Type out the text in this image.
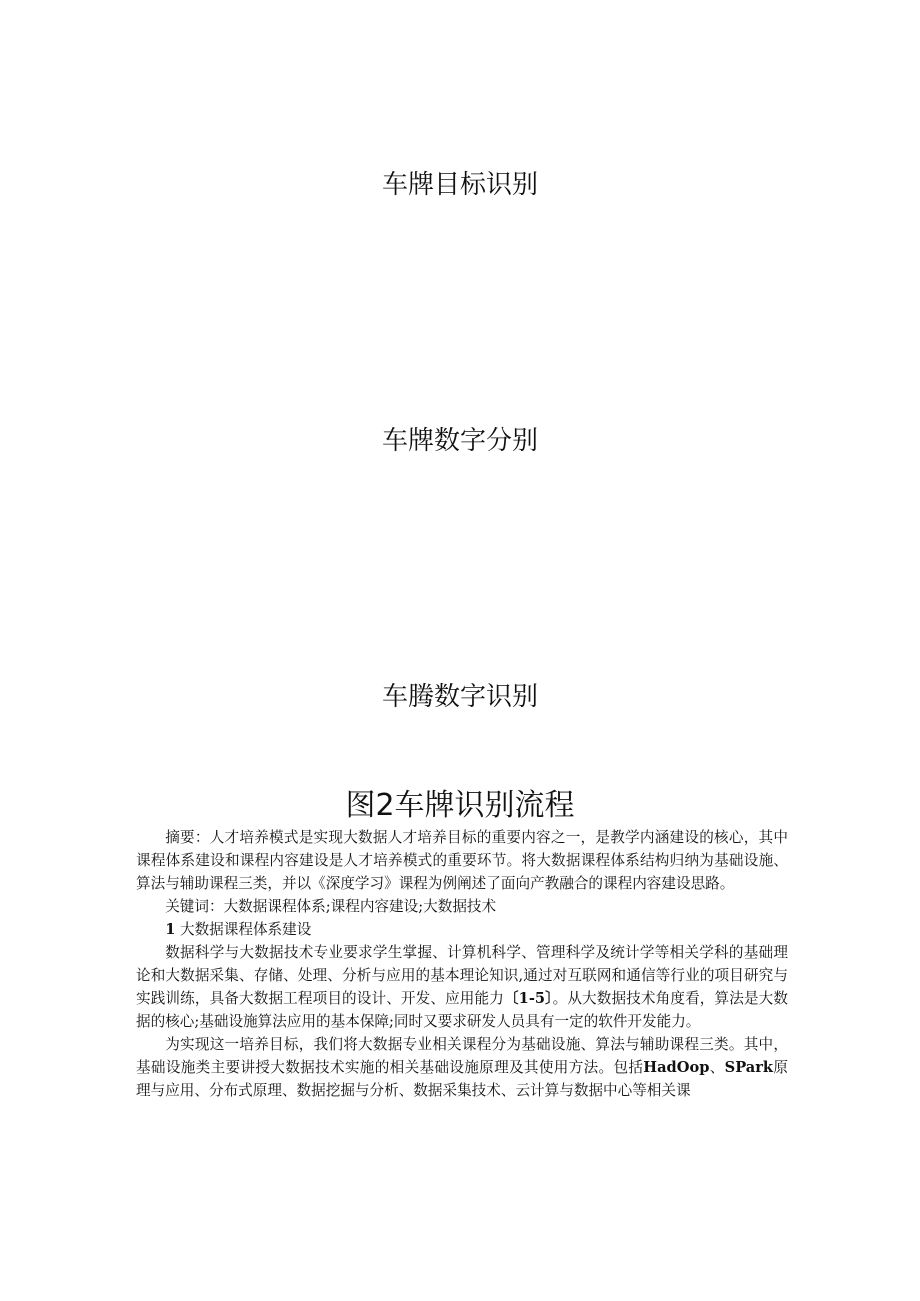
车牌目标识别
车牌数字分别
车腾数字识别
图2车牌识别流程

摘要：人才培养模式是实现大数据人才培养目标的重要内容之一，是教学内涵建设的核心，其中课程体系建设和课程内容建设是人才培养模式的重要环节。将大数据课程体系结构归纳为基础设施、算法与辅助课程三类，并以《深度学习》课程为例阐述了面向产教融合的课程内容建设思路。

关键词：大数据课程体系;课程内容建设;大数据技术

1 大数据课程体系建设

数据科学与大数据技术专业要求学生掌握、计算机科学、管理科学及统计学等相关学科的基础理论和大数据采集、存储、处理、分析与应用的基本理论知识,通过对互联网和通信等行业的项目研究与实践训练，具备大数据工程项目的设计、开发、应用能力〔1-5〕。从大数据技术角度看，算法是大数据的核心;基础设施算法应用的基本保障;同时又要求研发人员具有一定的软件开发能力。

为实现这一培养目标，我们将大数据专业相关课程分为基础设施、算法与辅助课程三类。其中，基础设施类主要讲授大数据技术实施的相关基础设施原理及其使用方法。包括HadOop、SPark原理与应用、分布式原理、数据挖掘与分析、数据采集技术、云计算与数据中心等相关课
